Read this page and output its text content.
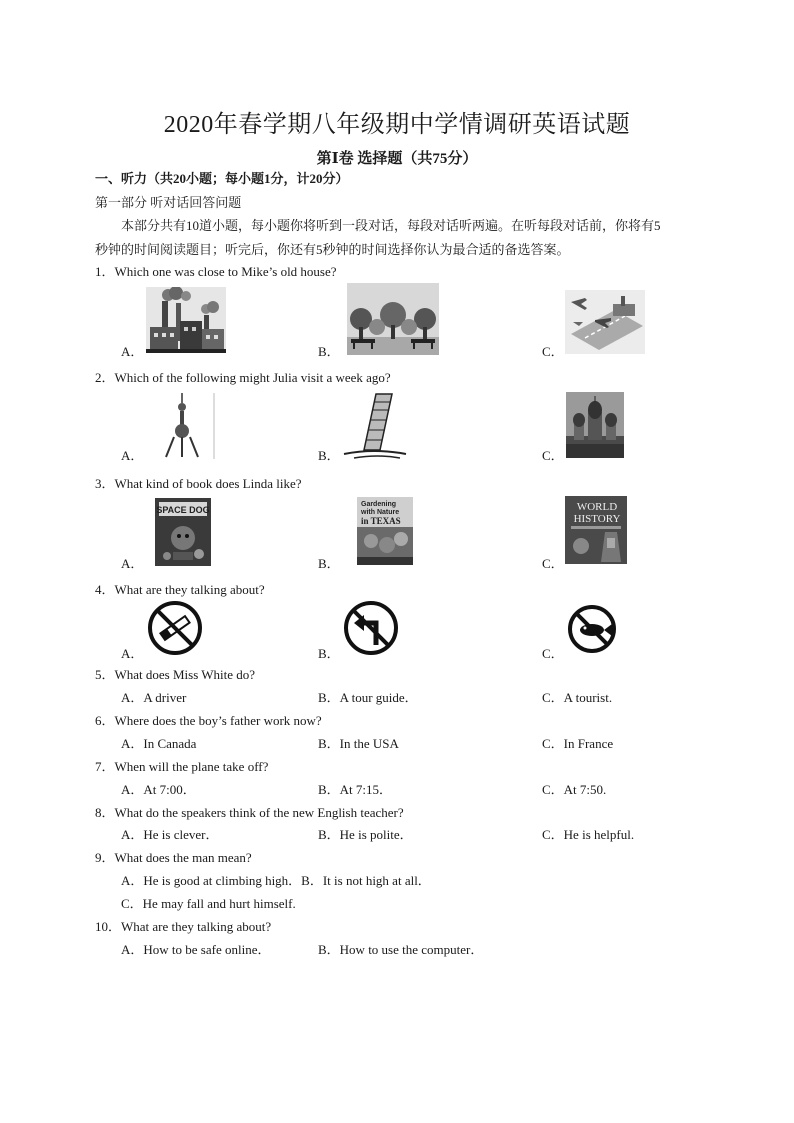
2020年春学期八年级期中学情调研英语试题
第Ⅰ卷 选择题（共75分）
一、听力（共20小题；每小题1分，计20分）
第一部分 听对话回答问题
本部分共有10道小题，每小题你将听到一段对话，每段对话听两遍。在听每段对话前，你将有5
秒钟的时间阅读题目；听完后，你还有5秒钟的时间选择你认为最合适的备选答案。
1．Which one was close to Mike’s old house?
A．	B．	C．
2．Which of the following might Julia visit a week ago?
A．	B．	C．
3．What kind of book does Linda like?
A．	B．	C．
SPACE DOG
Gardening
with Nature
in TEXAS
WORLD
HISTORY
4．What are they talking about?
A．	B．	C．
5．What does Miss White do?
A．A driver	B．A tour guide．	C．A tourist.
6．Where does the boy’s father work now?
A．In Canada	B．In the USA	C．In France
7．When will the plane take off?
A．At 7:00．	B．At 7:15．	C．At 7:50.
8．What do the speakers think of the new English teacher?
A．He is clever．	B．He is polite．	C．He is helpful.
9．What does the man mean?
A．He is good at climbing high．B．It is not high at all．
C．He may fall and hurt himself.
10．What are they talking about?
A．How to be safe online．	B．How to use the computer．
